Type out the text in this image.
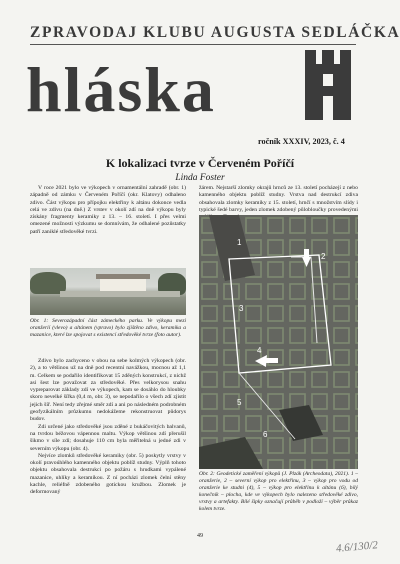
ZPRAVODAJ KLUBU AUGUSTA SEDLÁČKA
hláska
ročník XXXIV, 2023, č. 4
K lokalizaci tvrze v Červeném Poříčí
Linda Foster

V roce 2021 bylo ve výkopech v ornamentální zahradě (obr. 1) západně od zámku v Červeném Poříčí (okr. Klatovy) odhaleno zdivo. Část výkopu pro přípojku elektřiny k altánu dokonce vedla celá ve zdivu (na dně.) Z vrstev v okolí zdí na dně výkopu byly získány fragmenty keramiky z 13. – 16. století. I přes velmi omezené možnosti výzkumu se domnívám, že odhalené pozůstatky patří zaniklé středověké tvrzi.

Obr. 1: Severozápadní část zámeckého parku. Ve výkopu mezi oranžerií (vlevo) a altánem (vpravo) bylo zjištěno zdivo, keramika a mazanice, které lze spojovat s existencí středověké tvrze (foto autor).

Zdivo bylo zachyceno v obou na sebe kolmých výkopech (obr. 2), a to většinou už na dně pod recentní navážkou, mocnou až 1,1 m. Celkem se podařilo identifikovat 15 zděných konstrukcí, z nichž asi šest lze považovat za středověké. Přes velkorysou snahu vypreparovat základy zdí ve výkopech, kam se dosáhlo do hloubky skoro nevelké šířka (0,4 m, obr. 3), se nepodařilo o všech zdí zjistit jejich šíř. Není tedy zřejmé směr zdí a ani po následném podrobném geofyzikálním průzkumu nedokážeme rekonstruovat půdorys budov.

Zdi určené jako středověké jsou zděné z bukáčovitých balvanů, na tvrdou béžovou vápennou maltu. Výkop většinou zdí přerušil šikmo v síle zdí; dosahuje 110 cm byla měřitelná u jedné zdi v severním výkopu (obr. 4).

Nejvíce zlomků středověké keramiky (obr. 5) poskytly vrstvy v okolí pravoúhlého kamenného objektu poblíž studny. Výplň tohoto objektu obsahovala destrukci po požáru s hrudkami vypálené mazanice, uhlíky a keramikou. Z ní pocházi zlomek čelní stěny kachle, reliéfně zdobeného gotickou kružbou. Zlomek je deformovaný

žárem. Nejstarší zlomky okrajů hrnců ze 13. století pocházejí z nebo kamenného objektu poblíž studny. Vrstva nad destrukcí zdiva obsahovala zlomky keramiky z 15. století, hrnčí s množstvím slídy i typické šedé barvy, jeden zlomek zdobený půlobloučky provedenými

1
2
3
4
5
6
Obr. 2: Geodetické zaměření výkopů (J. Plzák (Archeodata), 2021). 1 – oranžerie, 2 – severní výkop pro elektřinu, 3 – výkop pro vodu od oranžerie ke studni (4), 5 – výkop pro elektřinu k altánu (6), bílý konečník – plocha, kde ve výkopech bylo nalezeno středověké zdivo, vrstvy a artefakty. Bílé šipky označují průběh v podloží – výběr průkaz kolem tvrze.
49
4.6/130/2
